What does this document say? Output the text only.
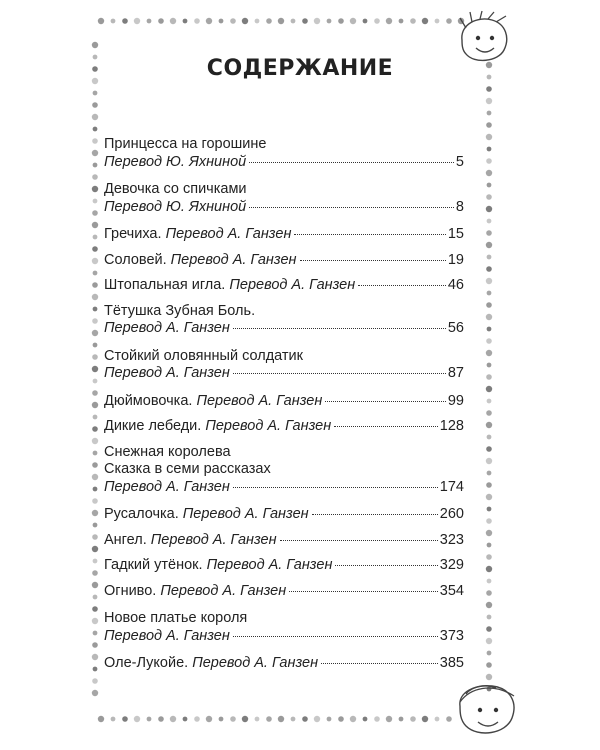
СОДЕРЖАНИЕ
Принцесса на горошине
Перевод Ю. Яхниной	5
Девочка со спичками
Перевод Ю. Яхниной	8
Гречиха. Перевод А. Ганзен	15
Соловей. Перевод А. Ганзен	19
Штопальная игла. Перевод А. Ганзен	46
Тётушка Зубная Боль.
Перевод А. Ганзен	56
Стойкий оловянный солдатик
Перевод А. Ганзен	87
Дюймовочка. Перевод А. Ганзен	99
Дикие лебеди. Перевод А. Ганзен	128
Снежная королева
Сказка в семи рассказах
Перевод А. Ганзен	174
Русалочка. Перевод А. Ганзен	260
Ангел. Перевод А. Ганзен	323
Гадкий утёнок. Перевод А. Ганзен	329
Огниво. Перевод А. Ганзен	354
Новое платье короля
Перевод А. Ганзен	373
Оле-Лукойе. Перевод А. Ганзен	385
